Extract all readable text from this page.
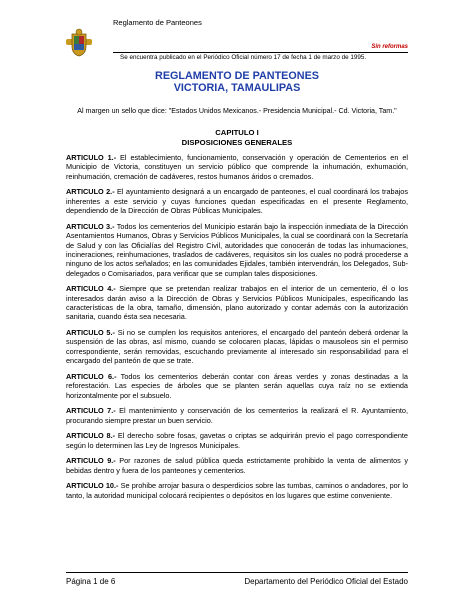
Reglamento de Panteones
Sin reformas
Se encuentra publicado en el Periódico Oficial número 17 de fecha 1 de marzo de 1995.
REGLAMENTO DE PANTEONES
VICTORIA, TAMAULIPAS
Al margen un sello que dice: "Estados Unidos Mexicanos.- Presidencia Municipal.- Cd. Victoria, Tam."
CAPITULO I
DISPOSICIONES GENERALES

ARTICULO 1.- El establecimiento, funcionamiento, conservación y operación de Cementerios en el Municipio de Victoria, constituyen un servicio público que comprende la inhumación, exhumación, reinhumación, cremación de cadáveres, restos humanos áridos o cremados.

ARTICULO 2.- El ayuntamiento designará a un encargado de panteones, el cual coordinará los trabajos inherentes a este servicio y cuyas funciones quedan especificadas en el presente Reglamento, dependiendo de la Dirección de Obras Públicas Municipales.

ARTICULO 3.- Todos los cementerios del Municipio estarán bajo la inspección inmediata de la Dirección Asentamientos Humanos, Obras y Servicios Públicos Municipales, la cual se coordinará con la Secretaría de Salud y con las Oficialías del Registro Civil, autoridades que conocerán de todas las inhumaciones, incineraciones, reinhumaciones, traslados de cadáveres, requisitos sin los cuales no podrá procederse a ninguno de los actos señalados; en las comunidades Ejidales, también intervendrán, los Delegados, Sub-delegados o Comisariados, para verificar que se cumplan tales disposiciones.

ARTICULO 4.- Siempre que se pretendan realizar trabajos en el interior de un cementerio, él o los interesados darán aviso a la Dirección de Obras y Servicios Públicos Municipales, especificando las características de la obra, tamaño, dimensión, plano autorizado y contar además con la autorización sanitaria, cuando ésta sea necesaria.

ARTICULO 5.- Si no se cumplen los requisitos anteriores, el encargado del panteón deberá ordenar la suspensión de las obras, así mismo, cuando se colocaren placas, lápidas o mausoleos sin el permiso correspondiente, serán removidas, escuchando previamente al interesado sin responsabilidad para el encargado del panteón de que se trate.

ARTICULO 6.- Todos los cementerios deberán contar con áreas verdes y zonas destinadas a la reforestación. Las especies de árboles que se planten serán aquellas cuya raíz no se extienda horizontalmente por el subsuelo.

ARTICULO 7.- El mantenimiento y conservación de los cementerios la realizará el R. Ayuntamiento, procurando siempre prestar un buen servicio.

ARTICULO 8.- El derecho sobre fosas, gavetas o criptas se adquirirán previo el pago correspondiente según lo determinen las Ley de Ingresos Municipales.

ARTICULO 9.- Por razones de salud pública queda estrictamente prohibido la venta de alimentos y bebidas dentro y fuera de los panteones y cementerios.

ARTICULO 10.- Se prohibe arrojar basura o desperdicios sobre las tumbas, caminos o andadores, por lo tanto, la autoridad municipal colocará recipientes o depósitos en los lugares que estime conveniente.

Página 1 de 6	Departamento del Periódico Oficial del Estado
